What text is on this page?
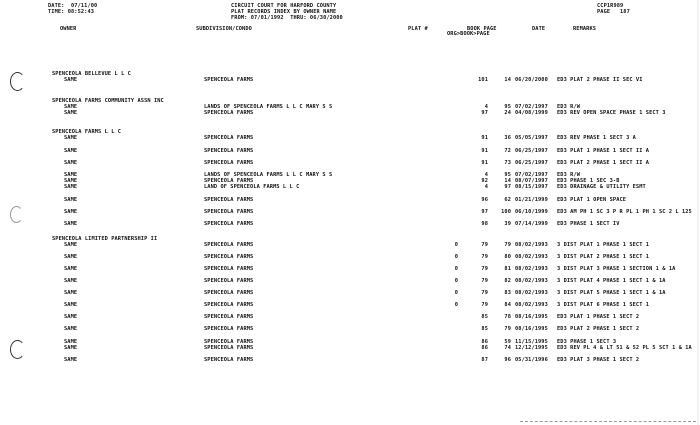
DATE:  07/11/00
TIME: 08:52:43
CIRCUIT COURT FOR HARFORD COUNTY
PLAT RECORDS INDEX BY OWNER NAME
FROM: 07/01/1992  THRU: 06/30/2000
CCP1R989
PAGE   187
OWNER	SUBDIVISION/CONDO	PLAT #	BOOK PAGE
ORG>BOOK>PAGE
DATE	REMARKS
SPENCEOLA BELLEVUE L L C
SAME	SPENCEOLA FARMS	101	14 06/20/2000 ED3 PLAT 2 PHASE II SEC VI
SPENCEOLA FARMS COMMUNITY ASSN INC
SAME	LANDS OF SPENCEOLA FARMS L L C MARY S S	4	95 07/02/1997 ED3 R/W
SAME	SPENCEOLA FARMS	97	24 04/08/1999 ED3 REV OPEN SPACE PHASE 1 SECT 3
SPENCEOLA FARMS L L C
SAME	SPENCEOLA FARMS	91	36 05/05/1997 ED3 REV PHASE 1 SECT 3 A
SAME	SPENCEOLA FARMS	91	72 06/25/1997 ED3 PLAT 1 PHASE 1 SECT II A
SAME	SPENCEOLA FARMS	91	73 06/25/1997 ED3 PLAT 2 PHASE 1 SECT II A
SAME	LANDS OF SPENCEOLA FARMS L L C MARY S S	4	95 07/02/1997 ED3 R/W
SAME	SPENCEOLA FARMS	92	14 08/07/1997 ED3 PHASE 1 SEC 3-B
SAME	LAND OF SPENCEOLA FARMS L L C	4	97 08/15/1997 ED3 DRAINAGE & UTILITY ESMT
SAME	SPENCEOLA FARMS	96	62 01/21/1999 ED3 PLAT 1 OPEN SPACE
SAME	SPENCEOLA FARMS	97	100 06/10/1999 ED3 AM PH 1 SC 3 P R PL 1 PH 1 SC 2 L 125
SAME	SPENCEOLA FARMS	98	39 07/14/1999 ED3 PHASE 1 SECT IV
SPENCEOLA LIMITED PARTNERSHIP II
SAME	SPENCEOLA FARMS	0	79	79 08/02/1993 3 DIST PLAT 1 PHASE 1 SECT 1
SAME	SPENCEOLA FARMS	0	79	80 08/02/1993 3 DIST PLAT 2 PHASE 1 SECT 1
SAME	SPENCEOLA FARMS	0	79	81 08/02/1993 3 DIST PLAT 3 PHASE 1 SECTION 1 & 1A
SAME	SPENCEOLA FARMS	0	79	82 08/02/1993 3 DIST PLAT 4 PHASE 1 SECT 1 & 1A
SAME	SPENCEOLA FARMS	0	79	83 08/02/1993 3 DIST PLAT 5 PHASE 1 SECT 1 & 1A
SAME	SPENCEOLA FARMS	0	79	84 08/02/1993 3 DIST PLAT 6 PHASE 1 SECT 1
SAME	SPENCEOLA FARMS	85	78 08/16/1995 ED3 PLAT 1 PHASE 1 SECT 2
SAME	SPENCEOLA FARMS	85	79 08/16/1995 ED3 PLAT 2 PHASE 1 SECT 2
SAME	SPENCEOLA FARMS	86	59 11/15/1995 ED3 PHASE 1 SECT 3
SAME	SPENCEOLA FARMS	86	74 12/12/1995 ED3 REV PL 4 & LT 51 & 52 PL 5 SCT 1 & 1A
SAME	SPENCEOLA FARMS	87	96 05/31/1996 ED3 PLAT 3 PHASE 1 SECT 2
